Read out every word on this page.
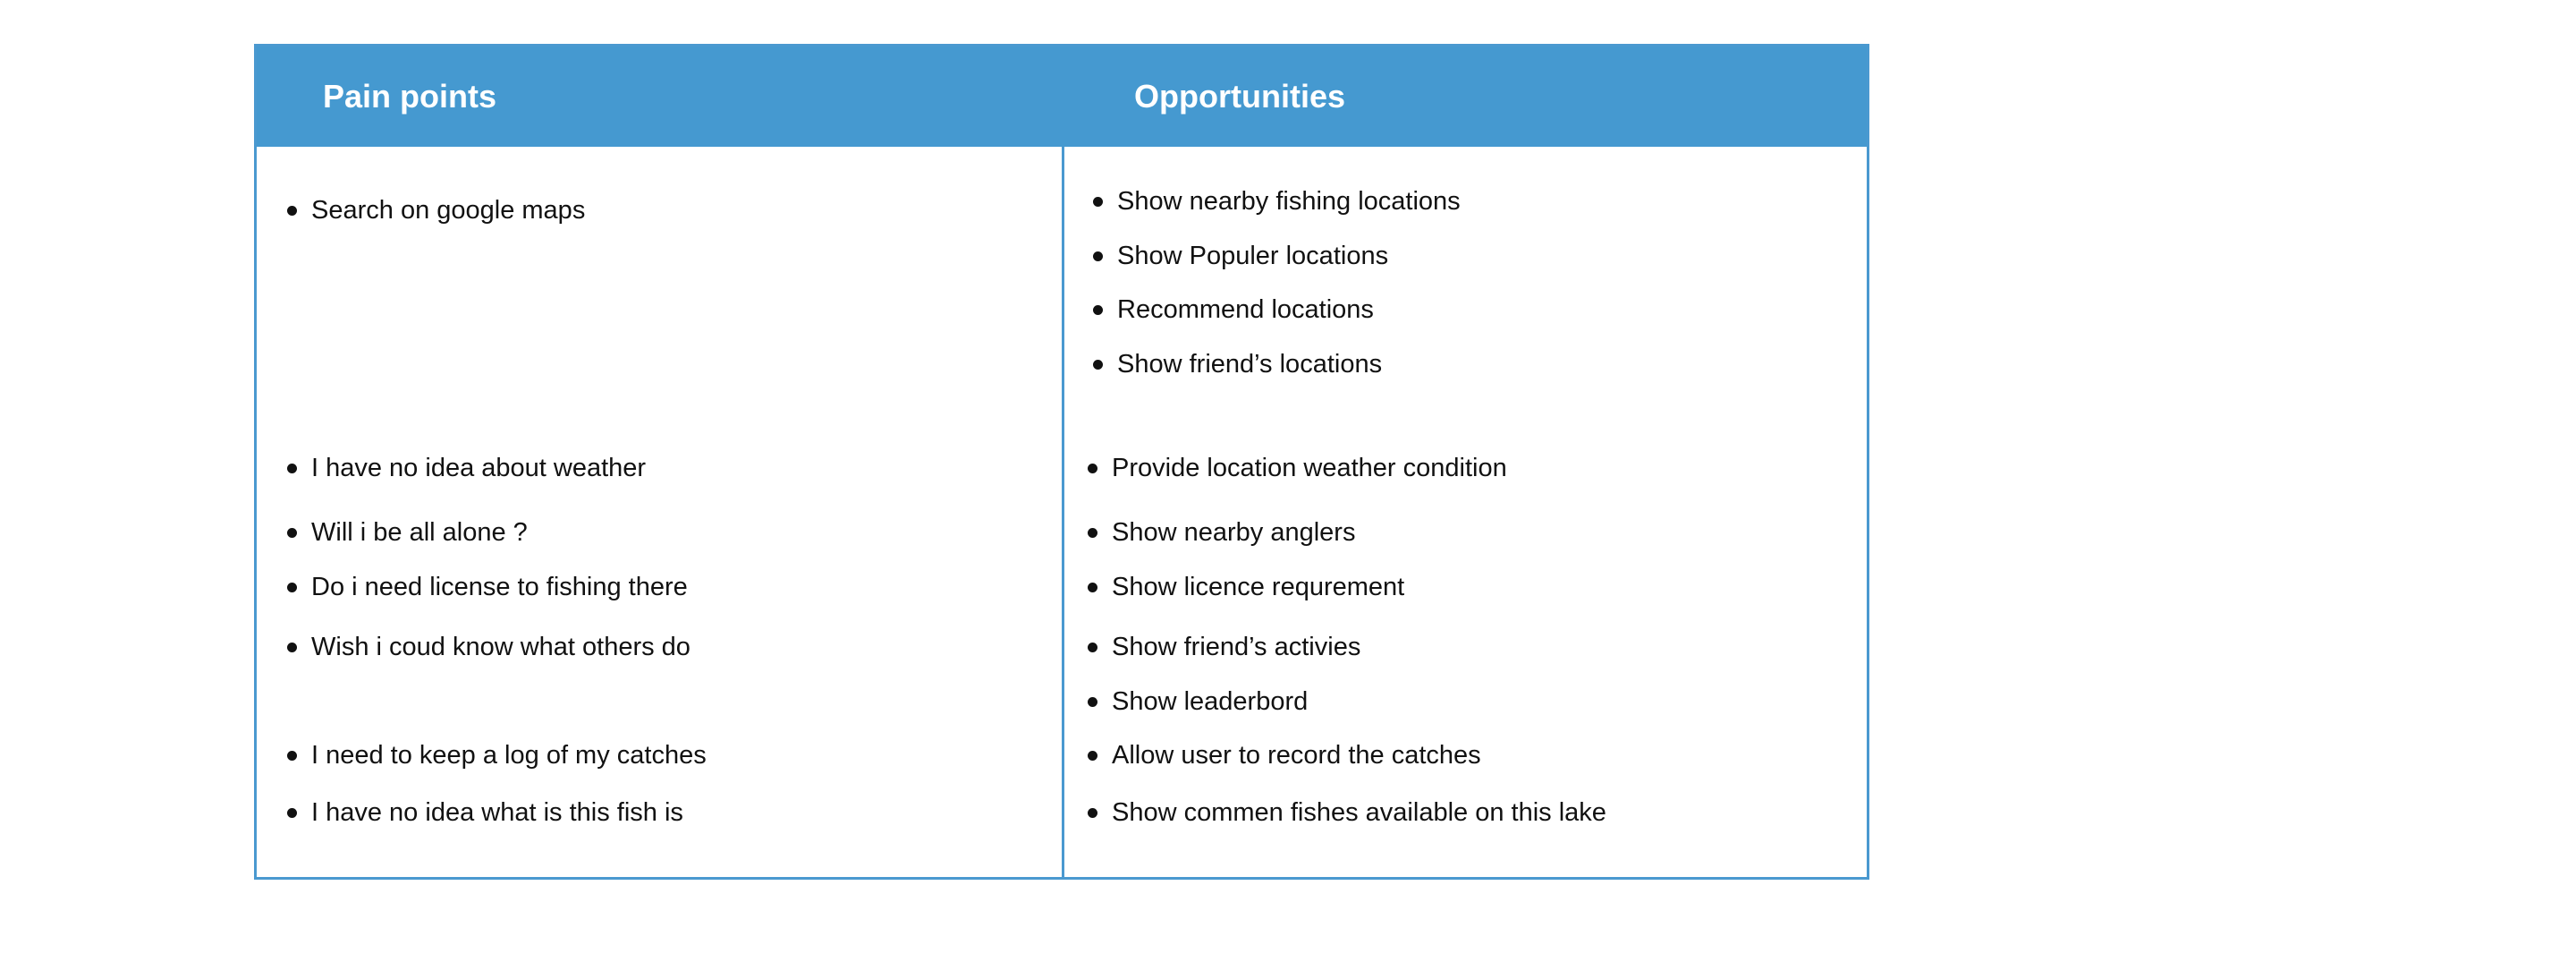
Pain points	Opportunities
Search on google maps
I have no idea about weather
Will i be all alone ?
Do i need license to fishing there
Wish i coud know what others do
I need to keep a log of my catches
I have no idea what is this fish is
Show nearby fishing locations
Show Populer locations
Recommend locations
Show friend’s locations
Provide location weather condition
Show nearby anglers
Show licence requrement
Show friend’s activies
Show leaderbord
Allow user to record the catches
Show commen fishes available on this lake
